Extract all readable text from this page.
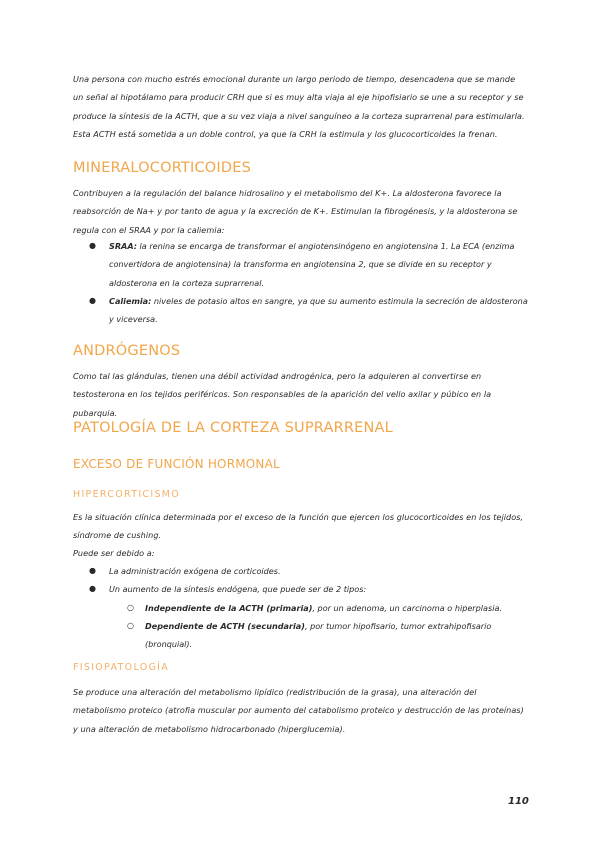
Una persona con mucho estrés emocional durante un largo periodo de tiempo, desencadena que se mande un señal al hipotálamo para producir CRH que si es muy alta viaja al eje hipofisiario se une a su receptor y se produce la síntesis de la ACTH, que a su vez viaja a nivel sanguíneo a la corteza suprarrenal para estimularla. Esta ACTH está sometida a un doble control, ya que la CRH la estimula y los glucocorticoides la frenan.

MINERALOCORTICOIDES

Contribuyen a la regulación del balance hidrosalino y el metabolismo del K+. La aldosterona favorece la reabsorción de Na+ y por tanto de agua y la excreción de K+. Estimulan la fibrogénesis, y la aldosterona se regula con el SRAA y por la caliemia:

● SRAA: la renina se encarga de transformar el angiotensinógeno en angiotensina 1. La ECA (enzima convertidora de angiotensina) la transforma en angiotensina 2, que se divide en su receptor y aldosterona en la corteza suprarrenal.
● Caliemia: niveles de potasio altos en sangre, ya que su aumento estimula la secreción de aldosterona y viceversa.
ANDRÓGENOS

Como tal las glándulas, tienen una débil actividad androgénica, pero la adquieren al convertirse en testosterona en los tejidos periféricos. Son responsables de la aparición del vello axilar y púbico en la pubarquia.

PATOLOGÍA DE LA CORTEZA SUPRARRENAL
EXCESO DE FUNCIÓN HORMONAL
HIPERCORTICISMO

Es la situación clínica determinada por el exceso de la función que ejercen los glucocorticoides en los tejidos, síndrome de cushing.

Puede ser debido a:

● La administración exógena de corticoides.
● Un aumento de la síntesis endógena, que puede ser de 2 tipos:
○ Independiente de la ACTH (primaria), por un adenoma, un carcinoma o hiperplasia.
○ Dependiente de ACTH (secundaria), por tumor hipofisario, tumor extrahipofisario (bronquial).
FISIOPATOLOGÍA

Se produce una alteración del metabolismo lipídico (redistribución de la grasa), una alteración del metabolismo proteico (atrofia muscular por aumento del catabolismo proteico y destrucción de las proteínas) y una alteración de metabolismo hidrocarbonado (hiperglucemia).

110
